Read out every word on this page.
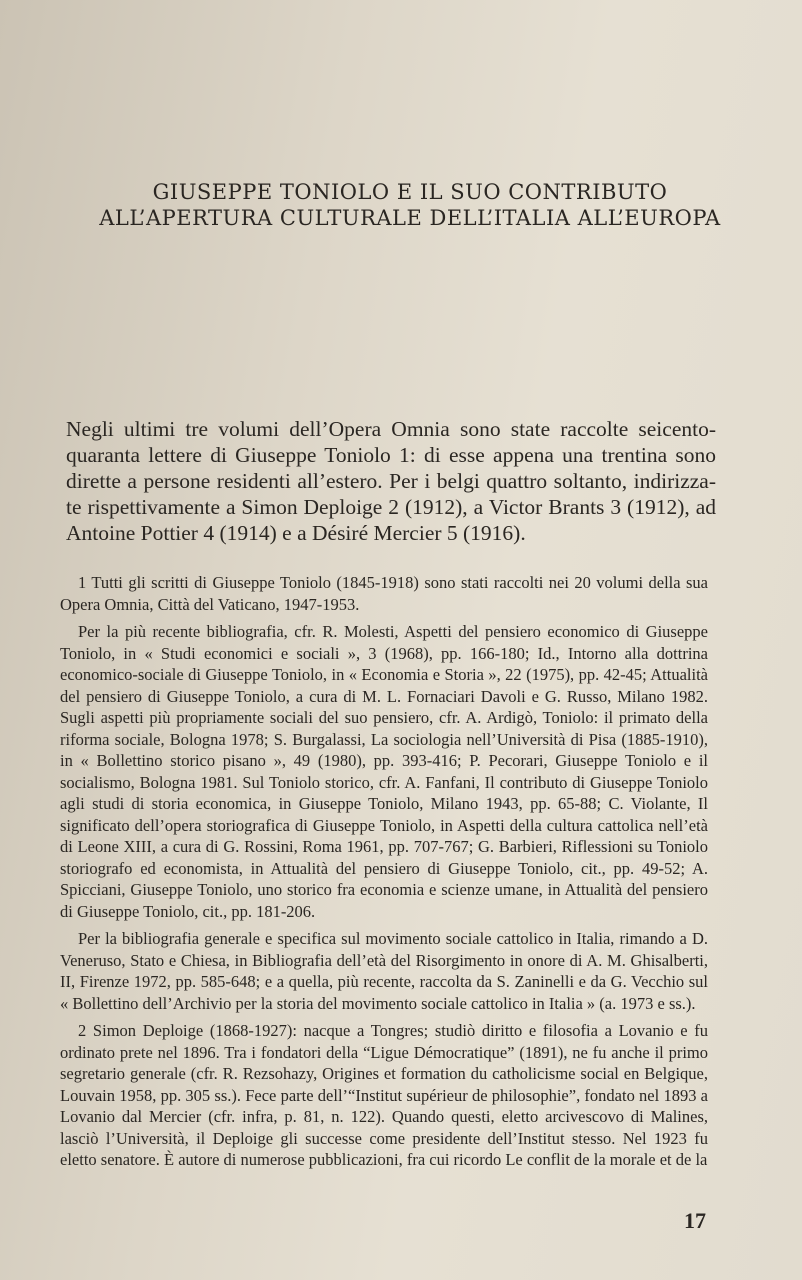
GIUSEPPE TONIOLO E IL SUO CONTRIBUTO
ALL’APERTURA CULTURALE DELL’ITALIA ALL’EUROPA
Negli ultimi tre volumi dell’Opera Omnia sono state raccolte seicento-
quaranta lettere di Giuseppe Toniolo 1: di esse appena una trentina sono
dirette a persone residenti all’estero. Per i belgi quattro soltanto, indirizza-
te rispettivamente a Simon Deploige 2 (1912), a Victor Brants 3 (1912), ad
Antoine Pottier 4 (1914) e a Désiré Mercier 5 (1916).

1 Tutti gli scritti di Giuseppe Toniolo (1845-1918) sono stati raccolti nei 20 volumi della sua Opera Omnia, Città del Vaticano, 1947-1953.

Per la più recente bibliografia, cfr. R. Molesti, Aspetti del pensiero economico di Giuseppe Toniolo, in « Studi economici e sociali », 3 (1968), pp. 166-180; Id., Intorno alla dottrina economico-sociale di Giuseppe Toniolo, in « Economia e Storia », 22 (1975), pp. 42-45; Attualità del pensiero di Giuseppe Toniolo, a cura di M. L. Fornaciari Davoli e G. Russo, Milano 1982. Sugli aspetti più propriamente sociali del suo pensiero, cfr. A. Ardigò, Toniolo: il primato della riforma sociale, Bologna 1978; S. Burgalassi, La sociologia nell’Università di Pisa (1885-1910), in « Bollettino storico pisano », 49 (1980), pp. 393-416; P. Pecorari, Giuseppe Toniolo e il socialismo, Bologna 1981. Sul Toniolo storico, cfr. A. Fanfani, Il contributo di Giuseppe Toniolo agli studi di storia economica, in Giuseppe Toniolo, Milano 1943, pp. 65-88; C. Violante, Il significato dell’opera storiografica di Giuseppe Toniolo, in Aspetti della cultura cattolica nell’età di Leone XIII, a cura di G. Rossini, Roma 1961, pp. 707-767; G. Barbieri, Riflessioni su Toniolo storiografo ed economista, in Attualità del pensiero di Giuseppe Toniolo, cit., pp. 49-52; A. Spicciani, Giuseppe Toniolo, uno storico fra economia e scienze umane, in Attualità del pensiero di Giuseppe Toniolo, cit., pp. 181-206.

Per la bibliografia generale e specifica sul movimento sociale cattolico in Italia, rimando a D. Veneruso, Stato e Chiesa, in Bibliografia dell’età del Risorgimento in onore di A. M. Ghisalberti, II, Firenze 1972, pp. 585-648; e a quella, più recente, raccolta da S. Zaninelli e da G. Vecchio sul « Bollettino dell’Archivio per la storia del movimento sociale cattolico in Italia » (a. 1973 e ss.).

2 Simon Deploige (1868-1927): nacque a Tongres; studiò diritto e filosofia a Lovanio e fu ordinato prete nel 1896. Tra i fondatori della “Ligue Démocratique” (1891), ne fu anche il primo segretario generale (cfr. R. Rezsohazy, Origines et formation du catholicisme social en Belgique, Louvain 1958, pp. 305 ss.). Fece parte dell’“Institut supérieur de philosophie”, fondato nel 1893 a Lovanio dal Mercier (cfr. infra, p. 81, n. 122). Quando questi, eletto arcivescovo di Malines, lasciò l’Università, il Deploige gli successe come presidente dell’Institut stesso. Nel 1923 fu eletto senatore. È autore di numerose pubblicazioni, fra cui ricordo Le conflit de la morale et de la

17
